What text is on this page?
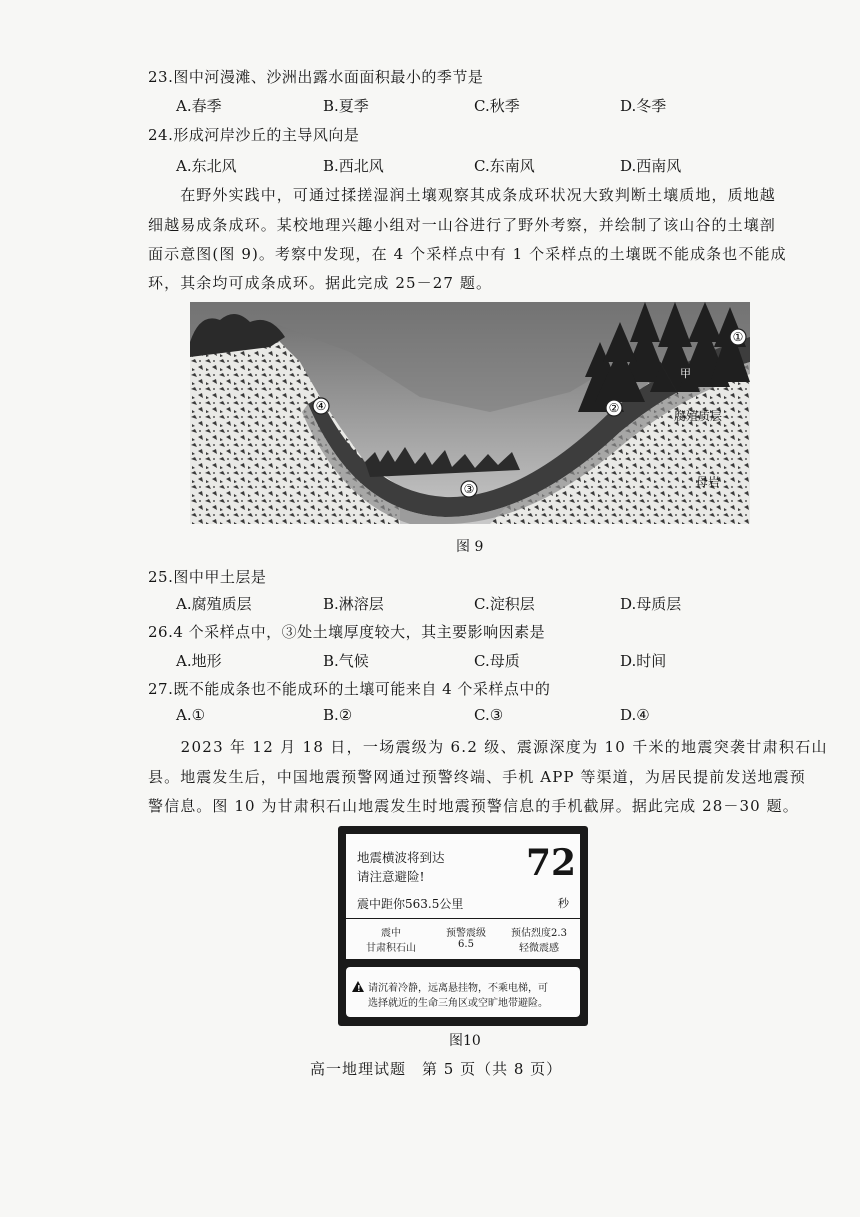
23.图中河漫滩、沙洲出露水面面积最小的季节是
A.春季	B.夏季	C.秋季	D.冬季
24.形成河岸沙丘的主导风向是
A.东北风	B.西北风	C.东南风	D.西南风
　　在野外实践中，可通过揉搓湿润土壤观察其成条成环状况大致判断土壤质地，质地越
细越易成条成环。某校地理兴趣小组对一山谷进行了野外考察，并绘制了该山谷的土壤剖
面示意图(图 9)。考察中发现，在 4 个采样点中有 1 个采样点的土壤既不能成条也不能成
环，其余均可成条成环。据此完成 25－27 题。
①
②
③
④
甲
腐殖质层
母岩
图 9
25.图中甲土层是
A.腐殖质层	B.淋溶层	C.淀积层	D.母质层
26.4 个采样点中，③处土壤厚度较大，其主要影响因素是
A.地形	B.气候	C.母质	D.时间
27.既不能成条也不能成环的土壤可能来自 4 个采样点中的
A.①	B.②	C.③	D.④
　　2023 年 12 月 18 日，一场震级为 6.2 级、震源深度为 10 千米的地震突袭甘肃积石山
县。地震发生后，中国地震预警网通过预警终端、手机 APP 等渠道，为居民提前发送地震预
警信息。图 10 为甘肃积石山地震发生时地震预警信息的手机截屏。据此完成 28－30 题。
地震横波将到达
请注意避险!	72
震中距你563.5公里	秒
震中
甘肃积石山
预警震级
6.5
预估烈度2.3
轻微震感
! 请沉着冷静，远离悬挂物，不乘电梯，可
选择就近的生命三角区或空旷地带避险。
图10
高一地理试题　第 5 页（共 8 页）
